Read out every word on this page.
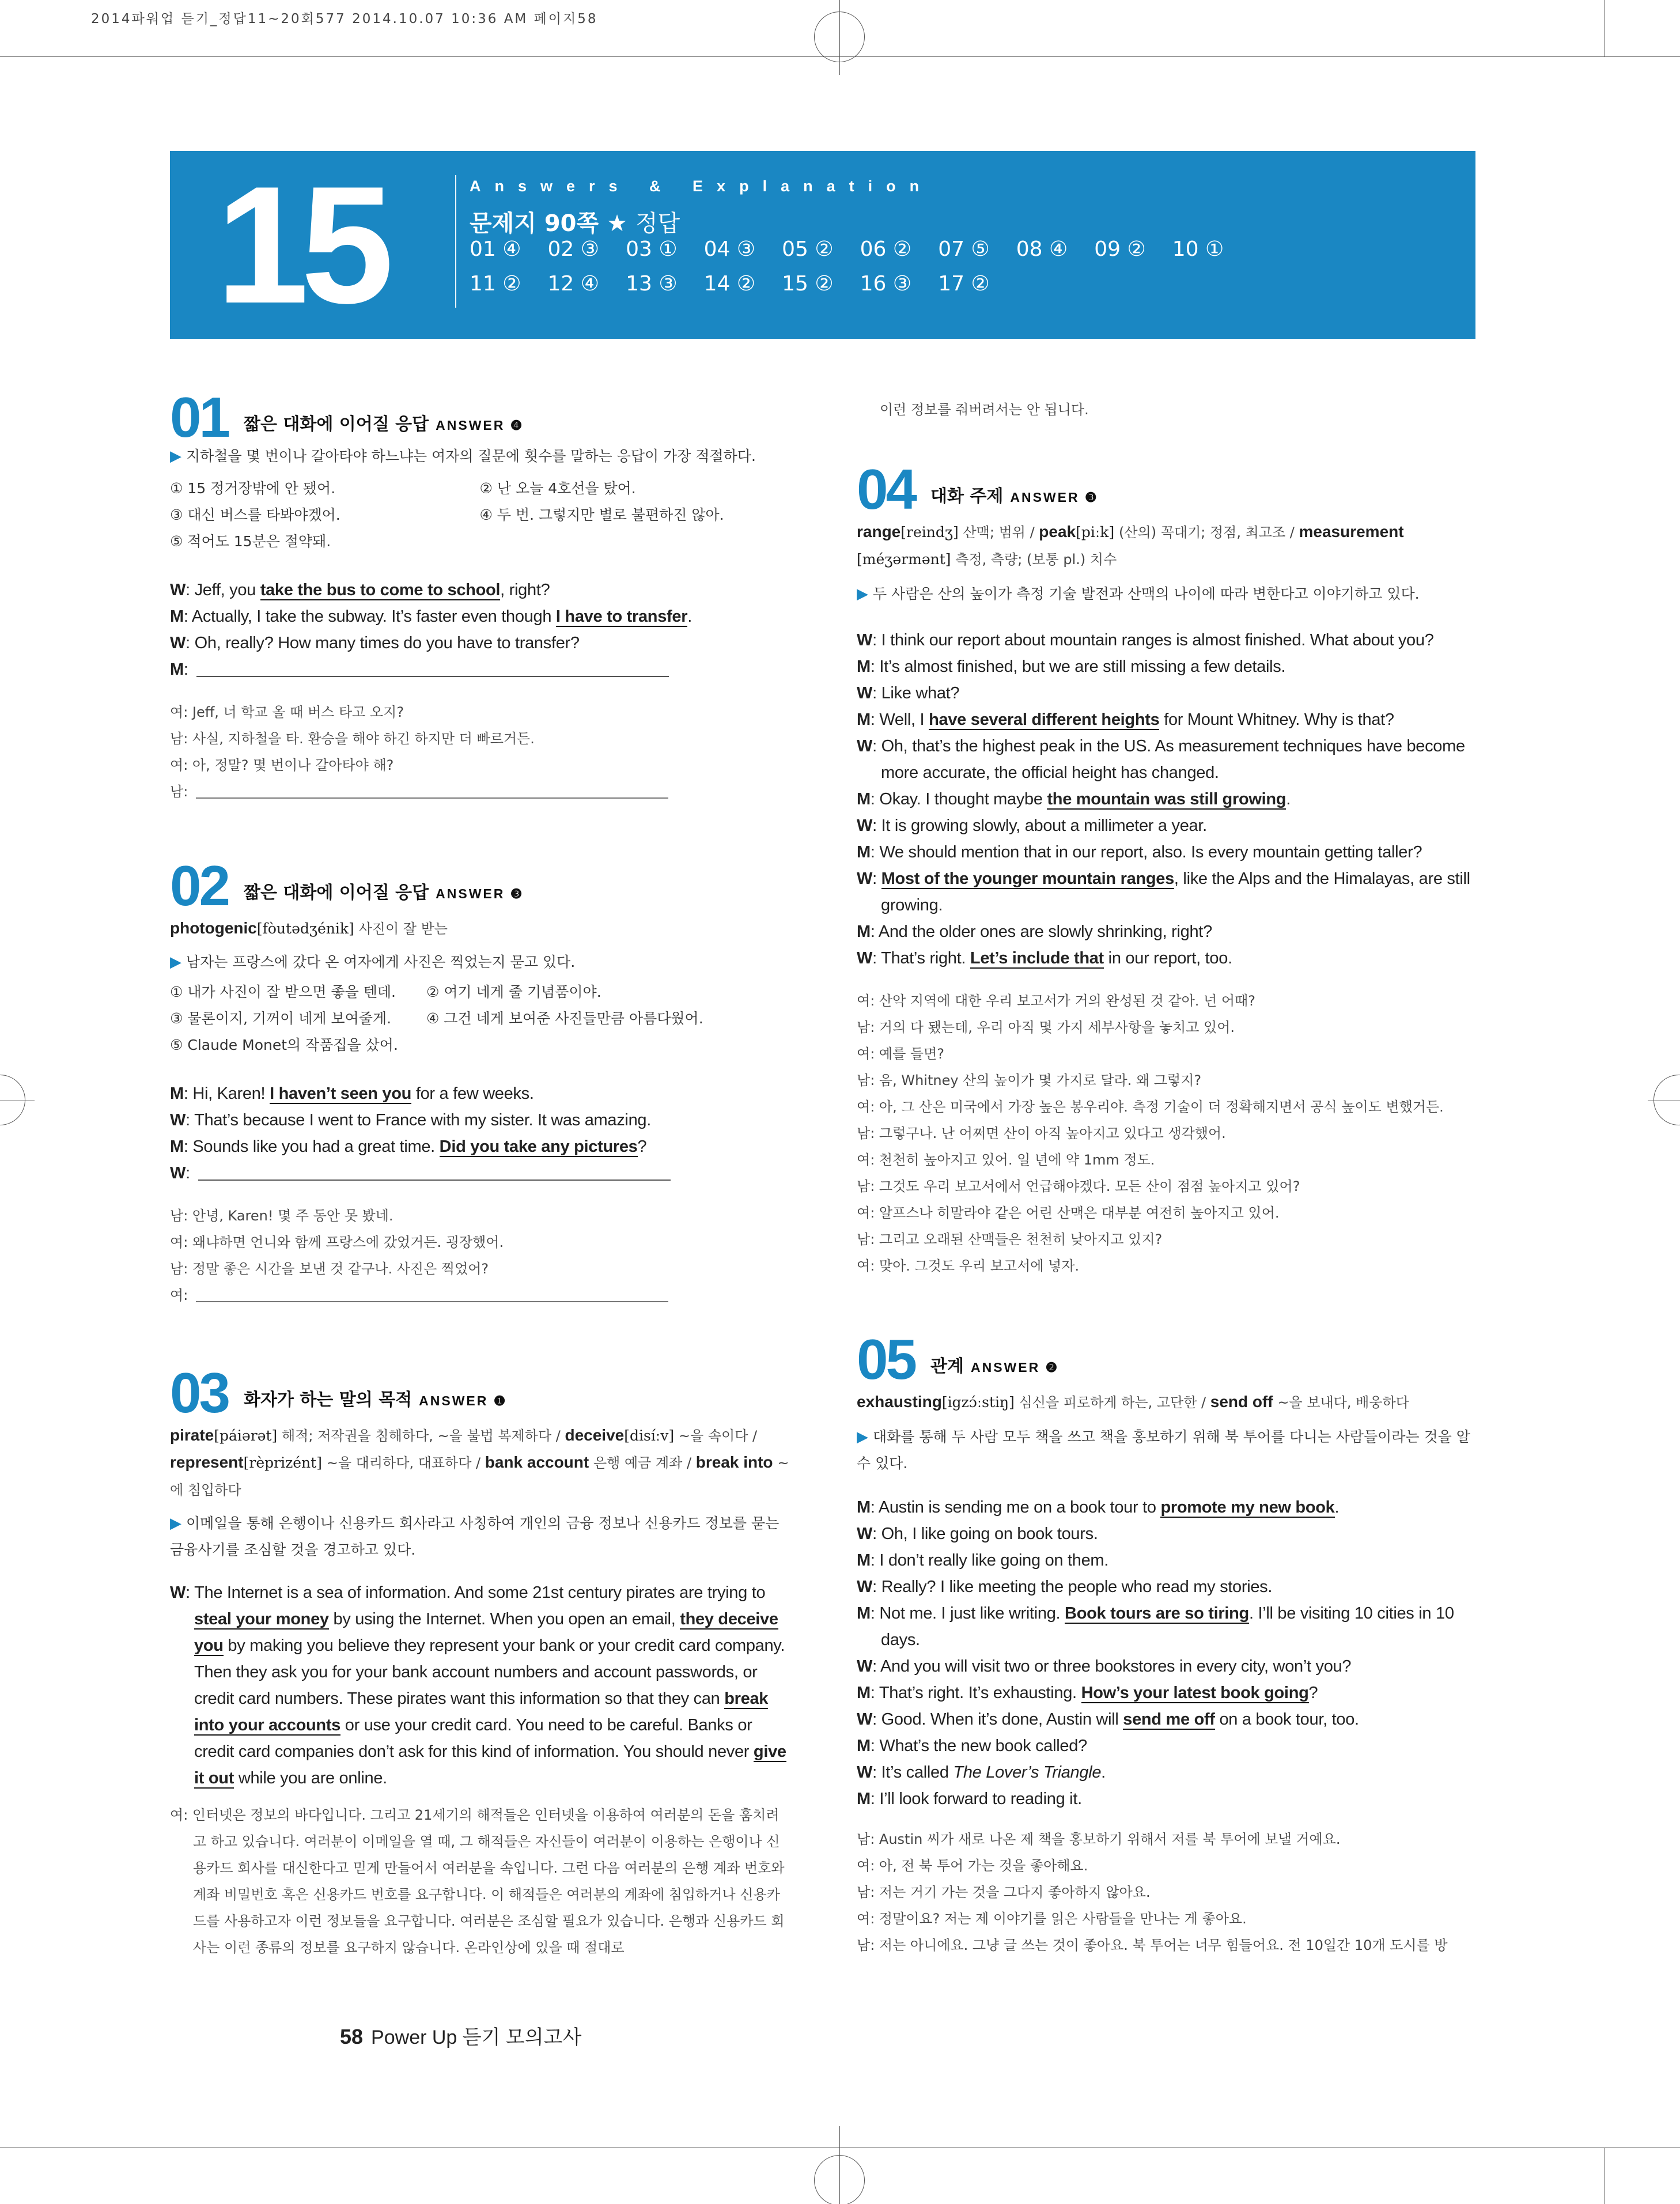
2014파워업 듣기_정답11~20회577 2014.10.07 10:36 AM 페이지58
15	Answers & Explanation
문제지 90쪽 ★ 정답
01 ④ 02 ③ 03 ① 04 ③ 05 ② 06 ② 07 ⑤ 08 ④ 09 ② 10 ①
11 ② 12 ④ 13 ③ 14 ② 15 ② 16 ③ 17 ②
01 짧은 대화에 이어질 응답 ANSWER ❹
▶ 지하철을 몇 번이나 갈아타야 하느냐는 여자의 질문에 횟수를 말하는 응답이 가장 적절하다.
① 15 정거장밖에 안 됐어.	② 난 오늘 4호선을 탔어.
③ 대신 버스를 타봐야겠어.	④ 두 번. 그렇지만 별로 불편하진 않아.
⑤ 적어도 15분은 절약돼.

W: Jeff, you take the bus to come to school, right?

M: Actually, I take the subway. It’s faster even though I have to transfer.

W: Oh, really? How many times do you have to transfer?

M:

여: Jeff, 너 학교 올 때 버스 타고 오지?

남: 사실, 지하철을 타. 환승을 해야 하긴 하지만 더 빠르거든.

여: 아, 정말? 몇 번이나 갈아타야 해?

남:

02 짧은 대화에 이어질 응답 ANSWER ❸
photogenic[fòutədʒénik] 사진이 잘 받는
▶ 남자는 프랑스에 갔다 온 여자에게 사진은 찍었는지 묻고 있다.
① 내가 사진이 잘 받으면 좋을 텐데.	② 여기 네게 줄 기념품이야.
③ 물론이지, 기꺼이 네게 보여줄게.	④ 그건 네게 보여준 사진들만큼 아름다웠어.
⑤ Claude Monet의 작품집을 샀어.

M: Hi, Karen! I haven’t seen you for a few weeks.

W: That’s because I went to France with my sister. It was amazing.

M: Sounds like you had a great time. Did you take any pictures?

W:

남: 안녕, Karen! 몇 주 동안 못 봤네.

여: 왜냐하면 언니와 함께 프랑스에 갔었거든. 굉장했어.

남: 정말 좋은 시간을 보낸 것 같구나. 사진은 찍었어?

여:

03 화자가 하는 말의 목적 ANSWER ❶
pirate[páiərət] 해적; 저작권을 침해하다, ~을 불법 복제하다 / deceive[disíːv] ~을 속이다 / represent[rèprizént] ~을 대리하다, 대표하다 / bank account 은행 예금 계좌 / break into ~에 침입하다
▶ 이메일을 통해 은행이나 신용카드 회사라고 사칭하여 개인의 금융 정보나 신용카드 정보를 묻는 금융사기를 조심할 것을 경고하고 있다.

W: The Internet is a sea of information. And some 21st century pirates are trying to steal your money by using the Internet. When you open an email, they deceive you by making you believe they represent your bank or your credit card company. Then they ask you for your bank account numbers and account passwords, or credit card numbers. These pirates want this information so that they can break into your accounts or use your credit card. You need to be careful. Banks or credit card companies don’t ask for this kind of information. You should never give it out while you are online.

여: 인터넷은 정보의 바다입니다. 그리고 21세기의 해적들은 인터넷을 이용하여 여러분의 돈을 훔치려고 하고 있습니다. 여러분이 이메일을 열 때, 그 해적들은 자신들이 여러분이 이용하는 은행이나 신용카드 회사를 대신한다고 믿게 만들어서 여러분을 속입니다. 그런 다음 여러분의 은행 계좌 번호와 계좌 비밀번호 혹은 신용카드 번호를 요구합니다. 이 해적들은 여러분의 계좌에 침입하거나 신용카드를 사용하고자 이런 정보들을 요구합니다. 여러분은 조심할 필요가 있습니다. 은행과 신용카드 회사는 이런 종류의 정보를 요구하지 않습니다. 온라인상에 있을 때 절대로

58 Power Up 듣기 모의고사
이런 정보를 줘버려서는 안 됩니다.
04 대화 주제 ANSWER ❸
range[reindʒ] 산맥; 범위 / peak[piːk] (산의) 꼭대기; 정점, 최고조 / measurement [méʒərmənt] 측정, 측량; (보통 pl.) 치수
▶ 두 사람은 산의 높이가 측정 기술 발전과 산맥의 나이에 따라 변한다고 이야기하고 있다.

W: I think our report about mountain ranges is almost finished. What about you?

M: It’s almost finished, but we are still missing a few details.

W: Like what?

M: Well, I have several different heights for Mount Whitney. Why is that?

W: Oh, that’s the highest peak in the US. As measurement techniques have become more accurate, the official height has changed.

M: Okay. I thought maybe the mountain was still growing.

W: It is growing slowly, about a millimeter a year.

M: We should mention that in our report, also. Is every mountain getting taller?

W: Most of the younger mountain ranges, like the Alps and the Himalayas, are still growing.

M: And the older ones are slowly shrinking, right?

W: That’s right. Let’s include that in our report, too.

여: 산악 지역에 대한 우리 보고서가 거의 완성된 것 같아. 넌 어때?

남: 거의 다 됐는데, 우리 아직 몇 가지 세부사항을 놓치고 있어.

여: 예를 들면?

남: 음, Whitney 산의 높이가 몇 가지로 달라. 왜 그렇지?

여: 아, 그 산은 미국에서 가장 높은 봉우리야. 측정 기술이 더 정확해지면서 공식 높이도 변했거든.

남: 그렇구나. 난 어쩌면 산이 아직 높아지고 있다고 생각했어.

여: 천천히 높아지고 있어. 일 년에 약 1mm 정도.

남: 그것도 우리 보고서에서 언급해야겠다. 모든 산이 점점 높아지고 있어?

여: 알프스나 히말라야 같은 어린 산맥은 대부분 여전히 높아지고 있어.

남: 그리고 오래된 산맥들은 천천히 낮아지고 있지?

여: 맞아. 그것도 우리 보고서에 넣자.

05 관계 ANSWER ❷
exhausting[igzɔ́ːstiŋ] 심신을 피로하게 하는, 고단한 / send off ~을 보내다, 배웅하다
▶ 대화를 통해 두 사람 모두 책을 쓰고 책을 홍보하기 위해 북 투어를 다니는 사람들이라는 것을 알 수 있다.

M: Austin is sending me on a book tour to promote my new book.

W: Oh, I like going on book tours.

M: I don’t really like going on them.

W: Really? I like meeting the people who read my stories.

M: Not me. I just like writing. Book tours are so tiring. I’ll be visiting 10 cities in 10 days.

W: And you will visit two or three bookstores in every city, won’t you?

M: That’s right. It’s exhausting. How’s your latest book going?

W: Good. When it’s done, Austin will send me off on a book tour, too.

M: What’s the new book called?

W: It’s called The Lover’s Triangle.

M: I’ll look forward to reading it.

남: Austin 씨가 새로 나온 제 책을 홍보하기 위해서 저를 북 투어에 보낼 거예요.

여: 아, 전 북 투어 가는 것을 좋아해요.

남: 저는 거기 가는 것을 그다지 좋아하지 않아요.

여: 정말이요? 저는 제 이야기를 읽은 사람들을 만나는 게 좋아요.

남: 저는 아니에요. 그냥 글 쓰는 것이 좋아요. 북 투어는 너무 힘들어요. 전 10일간 10개 도시를 방
